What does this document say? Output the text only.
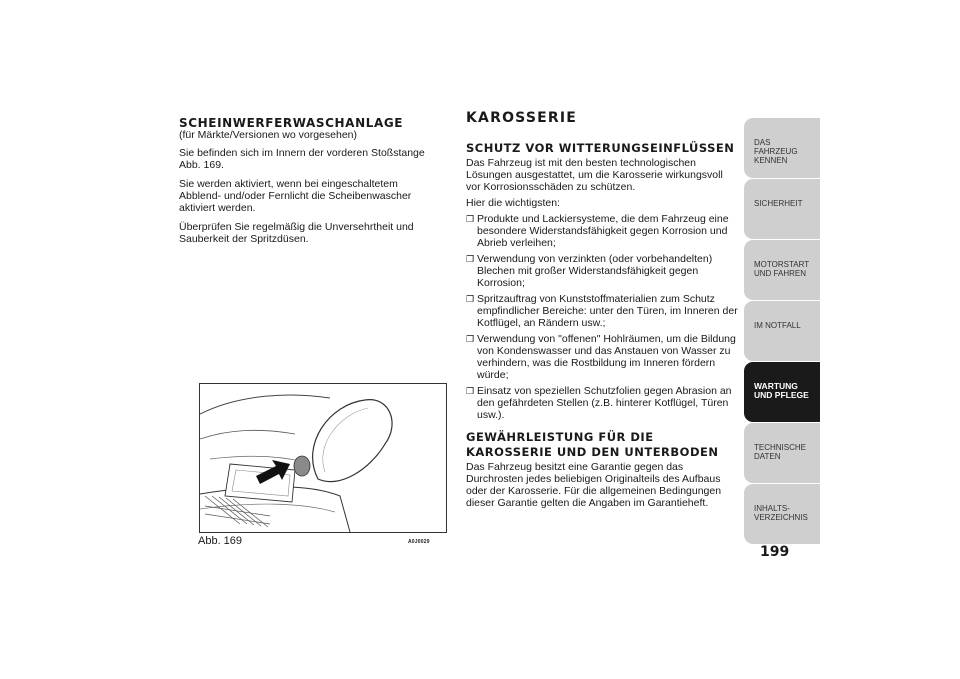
SCHEINWERFERWASCHANLAGE

(für Märkte/Versionen wo vorgesehen)

Sie befinden sich im Innern der vorderen Stoßstange Abb. 169.

Sie werden aktiviert, wenn bei eingeschaltetem Abblend- und/oder Fernlicht die Scheibenwascher aktiviert werden.

Überprüfen Sie regelmäßig die Unversehrtheit und Sauberkeit der Spritzdüsen.

Abb. 169	A0J0029
KAROSSERIE
SCHUTZ VOR WITTERUNGSEINFLÜSSEN

Das Fahrzeug ist mit den besten technologischen Lösungen ausgestattet, um die Karosserie wirkungsvoll vor Korrosionsschäden zu schützen.

Hier die wichtigsten:

❒ Produkte und Lackiersysteme, die dem Fahrzeug eine besondere Widerstandsfähigkeit gegen Korrosion und Abrieb verleihen;
❒ Verwendung von verzinkten (oder vorbehandelten) Blechen mit großer Widerstandsfähigkeit gegen Korrosion;
❒ Spritzauftrag von Kunststoffmaterialien zum Schutz empfindlicher Bereiche: unter den Türen, im Inneren der Kotflügel, an Rändern usw.;
❒ Verwendung von "offenen" Hohlräumen, um die Bildung von Kondenswasser und das Anstauen von Wasser zu verhindern, was die Rostbildung im Inneren fördern würde;
❒ Einsatz von speziellen Schutzfolien gegen Abrasion an den gefährdeten Stellen (z.B. hinterer Kotflügel, Türen usw.).
GEWÄHRLEISTUNG FÜR DIE
KAROSSERIE UND DEN UNTERBODEN

Das Fahrzeug besitzt eine Garantie gegen das Durchrosten jedes beliebigen Originalteils des Aufbaus oder der Karosserie. Für die allgemeinen Bedingungen dieser Garantie gelten die Angaben im Garantieheft.

DAS FAHRZEUG KENNEN
SICHERHEIT
MOTORSTART UND FAHREN
IM NOTFALL
WARTUNG UND PFLEGE
TECHNISCHE DATEN
INHALTS-VERZEICHNIS
199
